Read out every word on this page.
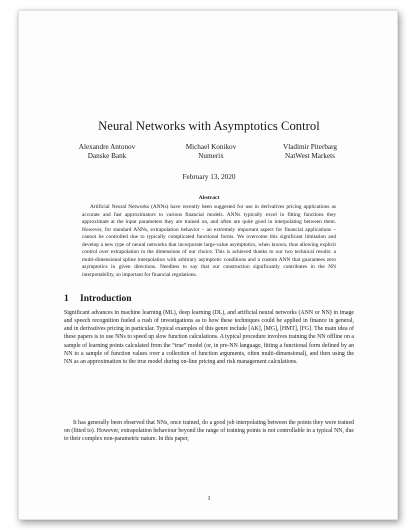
Neural Networks with Asymptotics Control
Alexandre Antonov
Danske Bank
Michael Konikov
Numerix
Vladimir Piterbarg
NatWest Markets
February 13, 2020
Abstract

Artificial Neural Networks (ANNs) have recently been suggested for use in derivatives pricing applications as accurate and fast approximators to various financial models. ANNs typically excel in fitting functions they approximate at the input parameters they are trained on, and often are quite good in interpolating between them. However, for standard ANNs, extrapolation behavior – an extremely important aspect for financial applications – cannot be controlled due to typically complicated functional forms. We overcome this significant limitation and develop a new type of neural networks that incorporate large-value asymptotics, when known, thus allowing explicit control over extrapolation in the dimensions of our choice. This is achieved thanks to our two technical results: a multi-dimensional spline interpolation with arbitrary asymptotic conditions and a custom ANN that guarantees zero asymptotics in given directions. Needless to say that our construction significantly contributes in the NN interpretability, so important for financial regulations.

1 Introduction

Significant advances in machine learning (ML), deep learning (DL), and artificial neural networks (ANN or NN) in image and speech recognition fueled a rush of investigations as to how these techniques could be applied in finance in general, and in derivatives pricing in particular. Typical examples of this genre include [AK], [MG], [HMT], [FG]. The main idea of these papers is to use NNs to speed up slow function calculations. A typical procedure involves training the NN offline on a sample of learning points calculated from the “true” model (or, in pre-NN language, fitting a functional form defined by an NN to a sample of function values over a collection of function arguments, often multi-dimensional), and then using the NN as an approximation to the true model during on-line pricing and risk management calculations.

It has generally been observed that NNs, once trained, do a good job interpolating between the points they were trained on (fitted to). However, extrapolation behaviour beyond the range of training points is not controllable in a typical NN, due to their complex non-parametric nature. In this paper,

1
